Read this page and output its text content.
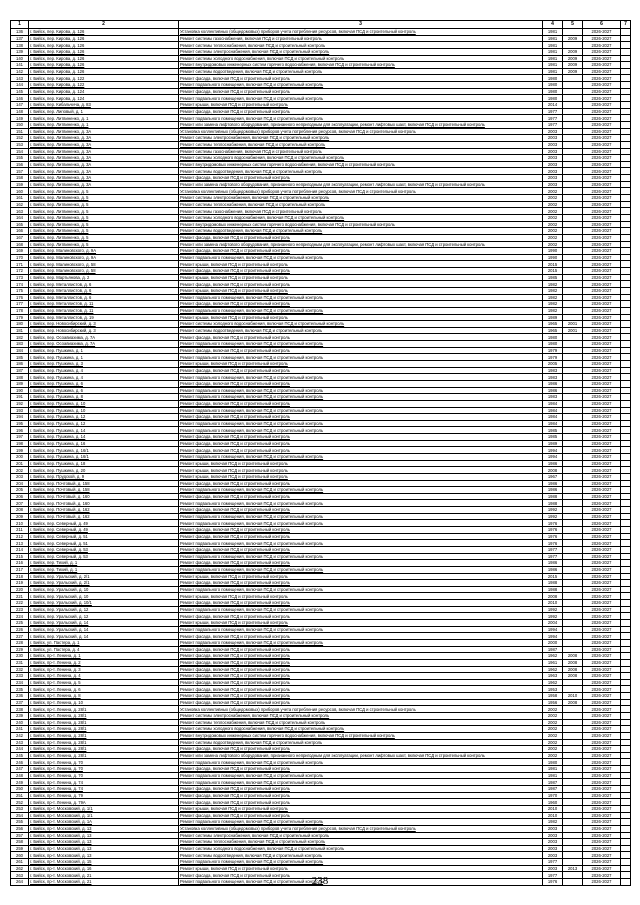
1	2	3	4	5	6	7
136	г. Бийск, пер. Кирова, д. 126	Установка коллективных (общедомовых) приборов учета потребления ресурсов, включая ПСД и строительный контроль	1981		2026-2027	
137	г. Бийск, пер. Кирова, д. 126	Ремонт системы газоснабжения, включая ПСД и строительный контроль	1981	2009	2026-2027	
138	г. Бийск, пер. Кирова, д. 126	Ремонт системы теплоснабжения, включая ПСД и строительный контроль	1981		2026-2027	
139	г. Бийск, пер. Кирова, д. 126	Ремонт системы электроснабжения, включая ПСД и строительный контроль	1981	2009	2026-2027	
140	г. Бийск, пер. Кирова, д. 126	Ремонт системы холодного водоснабжения, включая ПСД и строительный контроль	1981	2009	2026-2027	
141	г. Бийск, пер. Кирова, д. 126	Ремонт внутридомовых инженерных систем горячего водоснабжения, включая ПСД и строительный контроль	1981	2009	2026-2027	
142	г. Бийск, пер. Кирова, д. 126	Ремонт системы водоотведения, включая ПСД и строительный контроль	1981	2009	2026-2027	
143	г. Бийск, пер. Кирова, д. 122	Ремонт фасада, включая ПСД и строительный контроль	1980		2026-2027	
144	г. Бийск, пер. Кирова, д. 122	Ремонт подвального помещения, включая ПСД и строительный контроль	1980		2026-2027	
145	г. Бийск, пер. Кирова, д. 124	Ремонт фасада, включая ПСД и строительный контроль	1980		2026-2027	
146	г. Бийск, пер. Кирова, д. 124	Ремонт подвального помещения, включая ПСД и строительный контроль	1980		2026-2027	
147	г. Бийск, пер. Кибальчича, д. 83	Ремонт крыши, включая ПСД и строительный контроль	2014		2026-2027	
148	г. Бийск, пер. Липовый, д. 1	Ремонт фасада, включая ПСД и строительный контроль	1977		2026-2027	
149	г. Бийск, пер. Литвиненко, д. 1	Ремонт подвального помещения, включая ПСД и строительный контроль	1977		2026-2027	
150	г. Бийск, пер. Литвиненко, д. 1	Ремонт или замена лифтового оборудования, признанного непригодным для эксплуатации, ремонт лифтовых шахт, включая ПСД и строительный контроль	1977		2026-2027	
151	г. Бийск, пер. Литвиненко, д. 3А	Установка коллективных (общедомовых) приборов учета потребления ресурсов, включая ПСД и строительный контроль	2003		2026-2027	
152	г. Бийск, пер. Литвиненко, д. 3А	Ремонт системы электроснабжения, включая ПСД и строительный контроль	2003		2026-2027	
153	г. Бийск, пер. Литвиненко, д. 3А	Ремонт системы теплоснабжения, включая ПСД и строительный контроль	2003		2026-2027	
154	г. Бийск, пер. Литвиненко, д. 3А	Ремонт системы газоснабжения, включая ПСД и строительный контроль	2003		2026-2027	
155	г. Бийск, пер. Литвиненко, д. 3А	Ремонт системы холодного водоснабжения, включая ПСД и строительный контроль	2003		2026-2027	
156	г. Бийск, пер. Литвиненко, д. 3А	Ремонт внутридомовых инженерных систем горячего водоснабжения, включая ПСД и строительный контроль	2003		2026-2027	
157	г. Бийск, пер. Литвиненко, д. 3А	Ремонт системы водоотведения, включая ПСД и строительный контроль	2003		2026-2027	
158	г. Бийск, пер. Литвиненко, д. 3А	Ремонт фасада, включая ПСД и строительный контроль	2003		2026-2027	
159	г. Бийск, пер. Литвиненко, д. 3А	Ремонт или замена лифтового оборудования, признанного непригодным для эксплуатации, ремонт лифтовых шахт, включая ПСД и строительный контроль	2003		2026-2027	
160	г. Бийск, пер. Литвиненко, д. 5	Установка коллективных (общедомовых) приборов учета потребления ресурсов, включая ПСД и строительный контроль	2002		2026-2027	
161	г. Бийск, пер. Литвиненко, д. 5	Ремонт системы электроснабжения, включая ПСД и строительный контроль	2002		2026-2027	
162	г. Бийск, пер. Литвиненко, д. 5	Ремонт системы теплоснабжения, включая ПСД и строительный контроль	2002		2026-2027	
163	г. Бийск, пер. Литвиненко, д. 5	Ремонт системы газоснабжения, включая ПСД и строительный контроль	2002		2026-2027	
164	г. Бийск, пер. Литвиненко, д. 5	Ремонт системы холодного водоснабжения, включая ПСД и строительный контроль	2002		2026-2027	
165	г. Бийск, пер. Литвиненко, д. 5	Ремонт внутридомовых инженерных систем горячего водоснабжения, включая ПСД и строительный контроль	2002		2026-2027	
166	г. Бийск, пер. Литвиненко, д. 5	Ремонт системы водоотведения, включая ПСД и строительный контроль	2002		2026-2027	
167	г. Бийск, пер. Литвиненко, д. 5	Ремонт фасада, включая ПСД и строительный контроль	2002		2026-2027	
168	г. Бийск, пер. Литвиненко, д. 5	Ремонт или замена лифтового оборудования, признанного непригодным для эксплуатации, ремонт лифтовых шахт, включая ПСД и строительный контроль	2002		2026-2027	
169	г. Бийск, пер. Малиновского, д. 9А	Ремонт фасада, включая ПСД и строительный контроль	1990		2026-2027	
170	г. Бийск, пер. Малиновского, д. 9А	Ремонт подвального помещения, включая ПСД и строительный контроль	1990		2026-2027	
171	г. Бийск, пер. Малиновского, д. 58	Ремонт крыши, включая ПСД и строительный контроль	2015		2026-2027	
172	г. Бийск, пер. Малиновского, д. 58	Ремонт фасада, включая ПСД и строительный контроль	2015		2026-2027	
173	г. Бийск, пер. Мартьянова, д. 2	Ремонт крыши, включая ПСД и строительный контроль	1985		2026-2027	
174	г. Бийск, пер. Металлистов, д. 6	Ремонт фасада, включая ПСД и строительный контроль	1982		2026-2027	
175	г. Бийск, пер. Металлистов, д. 6	Ремонт крыши, включая ПСД и строительный контроль	1982		2026-2027	
176	г. Бийск, пер. Металлистов, д. 6	Ремонт подвального помещения, включая ПСД и строительный контроль	1982		2026-2027	
177	г. Бийск, пер. Металлистов, д. 11	Ремонт фасада, включая ПСД и строительный контроль	1982		2026-2027	
178	г. Бийск, пер. Металлистов, д. 11	Ремонт подвального помещения, включая ПСД и строительный контроль	1982		2026-2027	
179	г. Бийск, пер. Металлистов, д. 19	Ремонт крыши, включая ПСД и строительный контроль	1989		2026-2027	
180	г. Бийск, пер. Новосибирский, д. 3	Ремонт системы холодного водоснабжения, включая ПСД и строительный контроль	1965	2001	2026-2027	
181	г. Бийск, пер. Новосибирский, д. 3	Ремонт системы водоотведения, включая ПСД и строительный контроль	1965	2001	2026-2027	
182	г. Бийск, пер. Осоавиахима, д. 7А	Ремонт фасада, включая ПСД и строительный контроль	1980		2026-2027	
183	г. Бийск, пер. Осоавиахима, д. 7А	Ремонт подвального помещения, включая ПСД и строительный контроль	1980		2026-2027	
184	г. Бийск, пер. Пушкина, д. 1	Ремонт фасада, включая ПСД и строительный контроль	1979		2026-2027	
185	г. Бийск, пер. Пушкина, д. 1	Ремонт подвального помещения, включая ПСД и строительный контроль	1979		2026-2027	
186	г. Бийск, пер. Пушкина, д. 3	Ремонт крыши, включая ПСД и строительный контроль	2005		2026-2027	
187	г. Бийск, пер. Пушкина, д. 4	Ремонт фасада, включая ПСД и строительный контроль	1983		2026-2027	
188	г. Бийск, пер. Пушкина, д. 4	Ремонт подвального помещения, включая ПСД и строительный контроль	1983		2026-2027	
189	г. Бийск, пер. Пушкина, д. 6	Ремонт фасада, включая ПСД и строительный контроль	1986		2026-2027	
190	г. Бийск, пер. Пушкина, д. 6	Ремонт подвального помещения, включая ПСД и строительный контроль	1986		2026-2027	
191	г. Бийск, пер. Пушкина, д. 8	Ремонт подвального помещения, включая ПСД и строительный контроль	1983		2026-2027	
192	г. Бийск, пер. Пушкина, д. 10	Ремонт фасада, включая ПСД и строительный контроль	1984		2026-2027	
193	г. Бийск, пер. Пушкина, д. 10	Ремонт подвального помещения, включая ПСД и строительный контроль	1984		2026-2027	
194	г. Бийск, пер. Пушкина, д. 12	Ремонт фасада, включая ПСД и строительный контроль	1984		2026-2027	
195	г. Бийск, пер. Пушкина, д. 12	Ремонт подвального помещения, включая ПСД и строительный контроль	1984		2026-2027	
196	г. Бийск, пер. Пушкина, д. 14	Ремонт подвального помещения, включая ПСД и строительный контроль	1985		2026-2027	
197	г. Бийск, пер. Пушкина, д. 14	Ремонт фасада, включая ПСД и строительный контроль	1985		2026-2027	
198	г. Бийск, пер. Пушкина, д. 16	Ремонт фасада, включая ПСД и строительный контроль	1989		2026-2027	
199	г. Бийск, пер. Пушкина, д. 16/1	Ремонт фасада, включая ПСД и строительный контроль	1994		2026-2027	
200	г. Бийск, пер. Пушкина, д. 16/1	Ремонт подвального помещения, включая ПСД и строительный контроль	1994		2026-2027	
201	г. Бийск, пер. Пушкина, д. 18	Ремонт крыши, включая ПСД и строительный контроль	1986		2026-2027	
202	г. Бийск, пер. Пушкина, д. 20	Ремонт крыши, включая ПСД и строительный контроль	2008		2026-2027	
203	г. Бийск, пер. Прудской, д. 9	Ремонт крыши, включая ПСД и строительный контроль	1967		2026-2027	
204	г. Бийск, пер. Почтовый, д. 158	Ремонт фасада, включая ПСД и строительный контроль	1986		2026-2027	
205	г. Бийск, пер. Почтовый, д. 158	Ремонт подвального помещения, включая ПСД и строительный контроль	1986		2026-2027	
206	г. Бийск, пер. Почтовый, д. 160	Ремонт фасада, включая ПСД и строительный контроль	1988		2026-2027	
207	г. Бийск, пер. Почтовый, д. 160	Ремонт подвального помещения, включая ПСД и строительный контроль	1988		2026-2027	
208	г. Бийск, пер. Почтовый, д. 162	Ремонт фасада, включая ПСД и строительный контроль	1992		2026-2027	
209	г. Бийск, пер. Почтовый, д. 162	Ремонт подвального помещения, включая ПСД и строительный контроль	1992		2026-2027	
210	г. Бийск, пер. Северный, д. 49	Ремонт подвального помещения, включая ПСД и строительный контроль	1976		2026-2027	
211	г. Бийск, пер. Северный, д. 49	Ремонт фасада, включая ПСД и строительный контроль	1976		2026-2027	
212	г. Бийск, пер. Северный, д. 51	Ремонт фасада, включая ПСД и строительный контроль	1976		2026-2027	
213	г. Бийск, пер. Северный, д. 51	Ремонт подвального помещения, включая ПСД и строительный контроль	1976		2026-2027	
214	г. Бийск, пер. Северный, д. 53	Ремонт фасада, включая ПСД и строительный контроль	1977		2026-2027	
215	г. Бийск, пер. Северный, д. 53	Ремонт подвального помещения, включая ПСД и строительный контроль	1977		2026-2027	
216	г. Бийск, пер. Тихий, д. 1	Ремонт фасада, включая ПСД и строительный контроль	1986		2026-2027	
217	г. Бийск, пер. Тихий, д. 1	Ремонт подвального помещения, включая ПСД и строительный контроль	1986		2026-2027	
218	г. Бийск, пер. Уральский, д. 2/1	Ремонт крыши, включая ПСД и строительный контроль	2015		2026-2027	
219	г. Бийск, пер. Уральский, д. 2/1	Ремонт фасада, включая ПСД и строительный контроль	1988		2026-2027	
220	г. Бийск, пер. Уральский, д. 10	Ремонт подвального помещения, включая ПСД и строительный контроль	1988		2026-2027	
221	г. Бийск, пер. Уральский, д. 10	Ремонт крыши, включая ПСД и строительный контроль	2008		2026-2027	
222	г. Бийск, пер. Уральский, д. 10/1	Ремонт фасада, включая ПСД и строительный контроль	2010		2026-2027	
223	г. Бийск, пер. Уральский, д. 12	Ремонт подвального помещения, включая ПСД и строительный контроль	1992		2026-2027	
224	г. Бийск, пер. Уральский, д. 12	Ремонт фасада, включая ПСД и строительный контроль	1992		2026-2027	
225	г. Бийск, пер. Уральский, д. 14	Ремонт крыши, включая ПСД и строительный контроль	2004		2026-2027	
226	г. Бийск, пер. Уральский, д. 14	Ремонт подвального помещения, включая ПСД и строительный контроль	1994		2026-2027	
227	г. Бийск, пер. Уральский, д. 14	Ремонт фасада, включая ПСД и строительный контроль	1994		2026-2027	
228	г. Бийск, ул. Пастера, д. 1	Ремонт подвального помещения, включая ПСД и строительный контроль	2000		2026-2027	
229	г. Бийск, ул. Пастера, д. 4	Ремонт фасада, включая ПСД и строительный контроль	1987		2026-2027	
230	г. Бийск, пр-т. Ленина, д. 1	Ремонт фасада, включая ПСД и строительный контроль	1962	2008	2026-2027	
231	г. Бийск, пр-т. Ленина, д. 2	Ремонт фасада, включая ПСД и строительный контроль	1961	2008	2026-2027	
232	г. Бийск, пр-т. Ленина, д. 3	Ремонт фасада, включая ПСД и строительный контроль	1962	2008	2026-2027	
233	г. Бийск, пр-т. Ленина, д. 4	Ремонт фасада, включая ПСД и строительный контроль	1963	2008	2026-2027	
234	г. Бийск, пр-т. Ленина, д. 5	Ремонт фасада, включая ПСД и строительный контроль	1962		2026-2027	
235	г. Бийск, пр-т. Ленина, д. 6	Ремонт фасада, включая ПСД и строительный контроль	1953		2026-2027	
236	г. Бийск, пр-т. Ленина, д. 8	Ремонт фасада, включая ПСД и строительный контроль	1958	2010	2026-2027	
237	г. Бийск, пр-т. Ленина, д. 10	Ремонт фасада, включая ПСД и строительный контроль	1956	2008	2026-2027	
238	г. Бийск, пр-т. Ленина, д. 28/1	Установка коллективных (общедомовых) приборов учета потребления ресурсов, включая ПСД и строительный контроль	2002		2026-2027	
239	г. Бийск, пр-т. Ленина, д. 28/1	Ремонт системы электроснабжения, включая ПСД и строительный контроль	2002		2026-2027	
240	г. Бийск, пр-т. Ленина, д. 28/1	Ремонт системы теплоснабжения, включая ПСД и строительный контроль	2002		2026-2027	
241	г. Бийск, пр-т. Ленина, д. 28/1	Ремонт системы холодного водоснабжения, включая ПСД и строительный контроль	2002		2026-2027	
242	г. Бийск, пр-т. Ленина, д. 28/1	Ремонт внутридомовых инженерных систем горячего водоснабжения, включая ПСД и строительный контроль	2002		2026-2027	
243	г. Бийск, пр-т. Ленина, д. 28/1	Ремонт системы водоотведения, включая ПСД и строительный контроль	2002		2026-2027	
244	г. Бийск, пр-т. Ленина, д. 28/1	Ремонт фасада, включая ПСД и строительный контроль	2002		2026-2027	
245	г. Бийск, пр-т. Ленина, д. 28/1	Ремонт или замена лифтового оборудования, признанного непригодным для эксплуатации, ремонт лифтовых шахт, включая ПСД и строительный контроль	2002		2026-2027	
246	г. Бийск, пр-т. Ленина, д. 70	Ремонт подвального помещения, включая ПСД и строительный контроль	1980		2026-2027	
247	г. Бийск, пр-т. Ленина, д. 70	Ремонт фасада, включая ПСД и строительный контроль	1981		2026-2027	
248	г. Бийск, пр-т. Ленина, д. 70	Ремонт подвального помещения, включая ПСД и строительный контроль	1981		2026-2027	
249	г. Бийск, пр-т. Ленина, д. 74	Ремонт подвального помещения, включая ПСД и строительный контроль	1987		2026-2027	
250	г. Бийск, пр-т. Ленина, д. 74	Ремонт фасада, включая ПСД и строительный контроль	1987		2026-2027	
251	г. Бийск, пр-т. Ленина, д. 79	Ремонт фасада, включая ПСД и строительный контроль	1970		2026-2027	
252	г. Бийск, пр-т. Ленина, д. 79А	Ремонт фасада, включая ПСД и строительный контроль	1960		2026-2027	
253	г. Бийск, пр-т. Московский, д. 1/1	Ремонт крыши, включая ПСД и строительный контроль	2010		2026-2027	
254	г. Бийск, пр-т. Московский, д. 1/1	Ремонт фасада, включая ПСД и строительный контроль	2010		2026-2027	
255	г. Бийск, пр-т. Московский, д. 1А	Ремонт подвального помещения, включая ПСД и строительный контроль	1982		2026-2027	
256	г. Бийск, пр-т. Московский, д. 13	Установка коллективных (общедомовых) приборов учета потребления ресурсов, включая ПСД и строительный контроль	2003		2026-2027	
257	г. Бийск, пр-т. Московский, д. 13	Ремонт системы электроснабжения, включая ПСД и строительный контроль	2003		2026-2027	
258	г. Бийск, пр-т. Московский, д. 13	Ремонт системы теплоснабжения, включая ПСД и строительный контроль	2003		2026-2027	
259	г. Бийск, пр-т. Московский, д. 13	Ремонт системы холодного водоснабжения, включая ПСД и строительный контроль	2003		2026-2027	
260	г. Бийск, пр-т. Московский, д. 13	Ремонт системы водоотведения, включая ПСД и строительный контроль	2003		2026-2027	
261	г. Бийск, пр-т. Московский, д. 15	Ремонт подвального помещения, включая ПСД и строительный контроль	1977		2026-2027	
262	г. Бийск, пр-т. Московский, д. 16	Ремонт крыши, включая ПСД и строительный контроль	2003	2013	2026-2027	
263	г. Бийск, пр-т. Московский, д. 21	Ремонт фасада, включая ПСД и строительный контроль	1977		2026-2027	
264	г. Бийск, пр-т. Московский, д. 21	Ремонт подвального помещения, включая ПСД и строительный контроль	1976		2026-2027	
238
